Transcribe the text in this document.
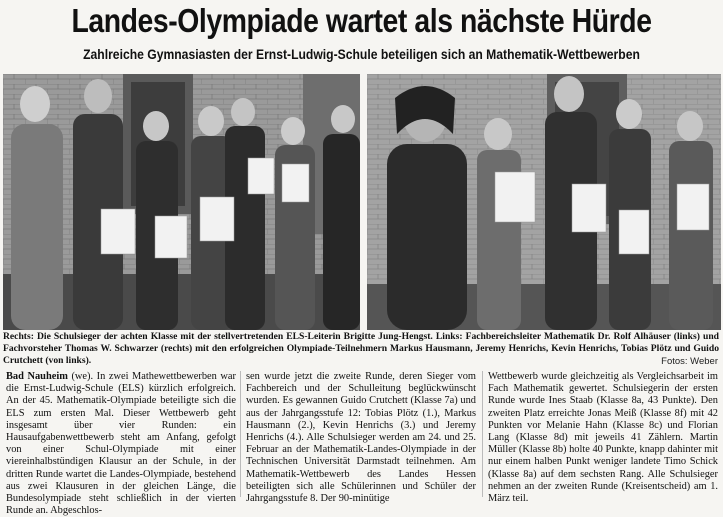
Landes-Olympiade wartet als nächste Hürde
Zahlreiche Gymnasiasten der Ernst-Ludwig-Schule beteiligen sich an Mathematik-Wettbewerben
Rechts: Die Schulsieger der achten Klasse mit der stellvertretenden ELS-Leiterin Brigitte Jung-Hengst. Links: Fachbereichsleiter Mathematik Dr. Rolf Alhäuser (links) und Fachvorsteher Thomas W. Schwarzer (rechts) mit den erfolgreichen Olympiade-Teilnehmern Markus Hausmann, Jeremy Henrichs, Kevin Henrichs, Tobias Plötz und Guido Crutchett (von links).	Fotos: Weber
Bad Nauheim (we). In zwei Mathewettbewerben war die Ernst-Ludwig-Schule (ELS) kürzlich erfolgreich. An der 45. Mathematik-Olympiade beteiligte sich die ELS zum ersten Mal. Dieser Wettbewerb geht insgesamt über vier Runden: ein Hausaufgabenwettbewerb steht am Anfang, gefolgt von einer Schul-Olympiade mit einer viereinhalbstündigen Klausur an der Schule, in der dritten Runde wartet die Landes-Olympiade, bestehend aus zwei Klausuren in der gleichen Länge, die Bundesolympiade steht schließlich in der vierten Runde an. Abgeschlos-
sen wurde jetzt die zweite Runde, deren Sieger vom Fachbereich und der Schulleitung beglückwünscht wurden. Es gewannen Guido Crutchett (Klasse 7a) und aus der Jahrgangsstufe 12: Tobias Plötz (1.), Markus Hausmann (2.), Kevin Henrichs (3.) und Jeremy Henrichs (4.). Alle Schulsieger werden am 24. und 25. Februar an der Mathematik-Landes-Olympiade in der Technischen Universität Darmstadt teilnehmen. Am Mathematik-Wettbewerb des Landes Hessen beteiligten sich alle Schülerinnen und Schüler der Jahrgangsstufe 8. Der 90-minütige
Wettbewerb wurde gleichzeitig als Vergleichsarbeit im Fach Mathematik gewertet. Schulsiegerin der ersten Runde wurde Ines Staab (Klasse 8a, 43 Punkte). Den zweiten Platz erreichte Jonas Meiß (Klasse 8f) mit 42 Punkten vor Melanie Hahn (Klasse 8c) und Florian Lang (Klasse 8d) mit jeweils 41 Zählern. Martin Müller (Klasse 8b) holte 40 Punkte, knapp dahinter mit nur einem halben Punkt weniger landete Timo Schick (Klasse 8a) auf dem sechsten Rang. Alle Schulsieger nehmen an der zweiten Runde (Kreisentscheid) am 1. März teil.
